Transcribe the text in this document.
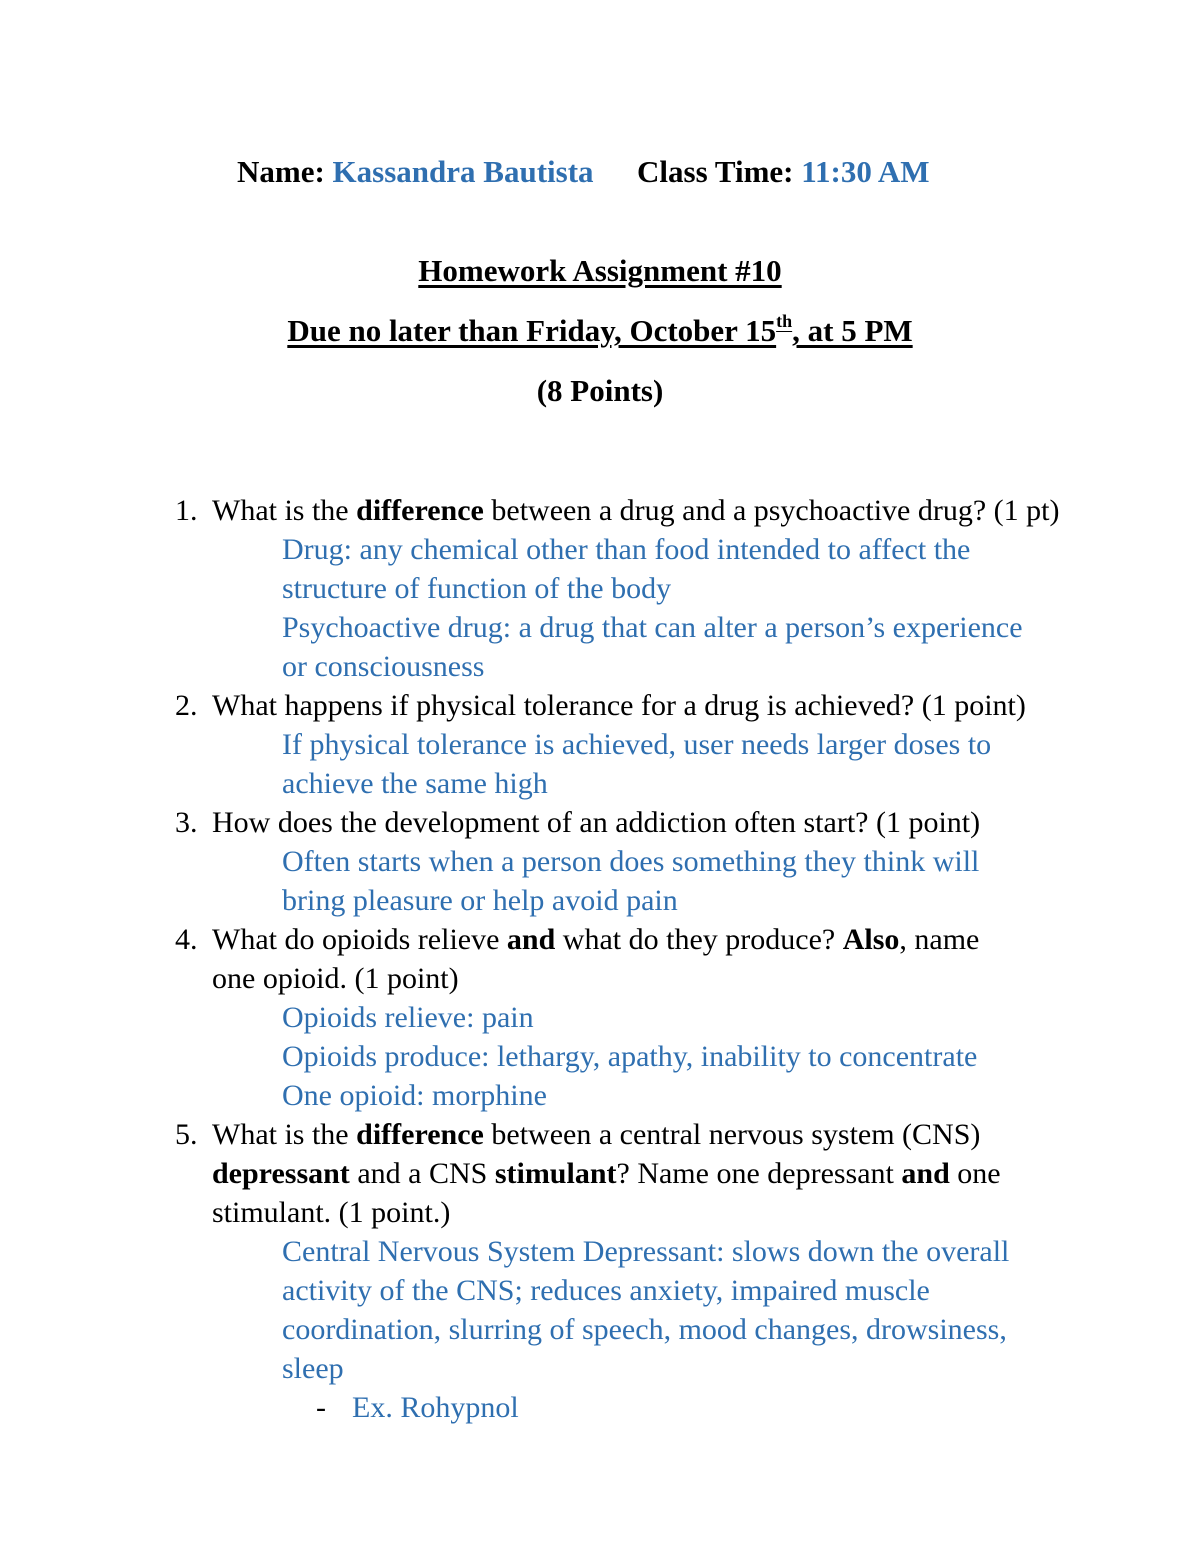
Name: Kassandra Bautista Class Time: 11:30 AM
Homework Assignment #10
Due no later than Friday, October 15th, at 5 PM
(8 Points)
1. What is the difference between a drug and a psychoactive drug? (1 pt)
Drug: any chemical other than food intended to affect the
structure of function of the body
Psychoactive drug: a drug that can alter a person’s experience
or consciousness
2. What happens if physical tolerance for a drug is achieved? (1 point)
If physical tolerance is achieved, user needs larger doses to
achieve the same high
3. How does the development of an addiction often start? (1 point)
Often starts when a person does something they think will
bring pleasure or help avoid pain
4. What do opioids relieve and what do they produce? Also, name
one opioid. (1 point)
Opioids relieve: pain
Opioids produce: lethargy, apathy, inability to concentrate
One opioid: morphine
5. What is the difference between a central nervous system (CNS)
depressant and a CNS stimulant? Name one depressant and one
stimulant. (1 point.)
Central Nervous System Depressant: slows down the overall
activity of the CNS; reduces anxiety, impaired muscle
coordination, slurring of speech, mood changes, drowsiness,
sleep
- Ex. Rohypnol
